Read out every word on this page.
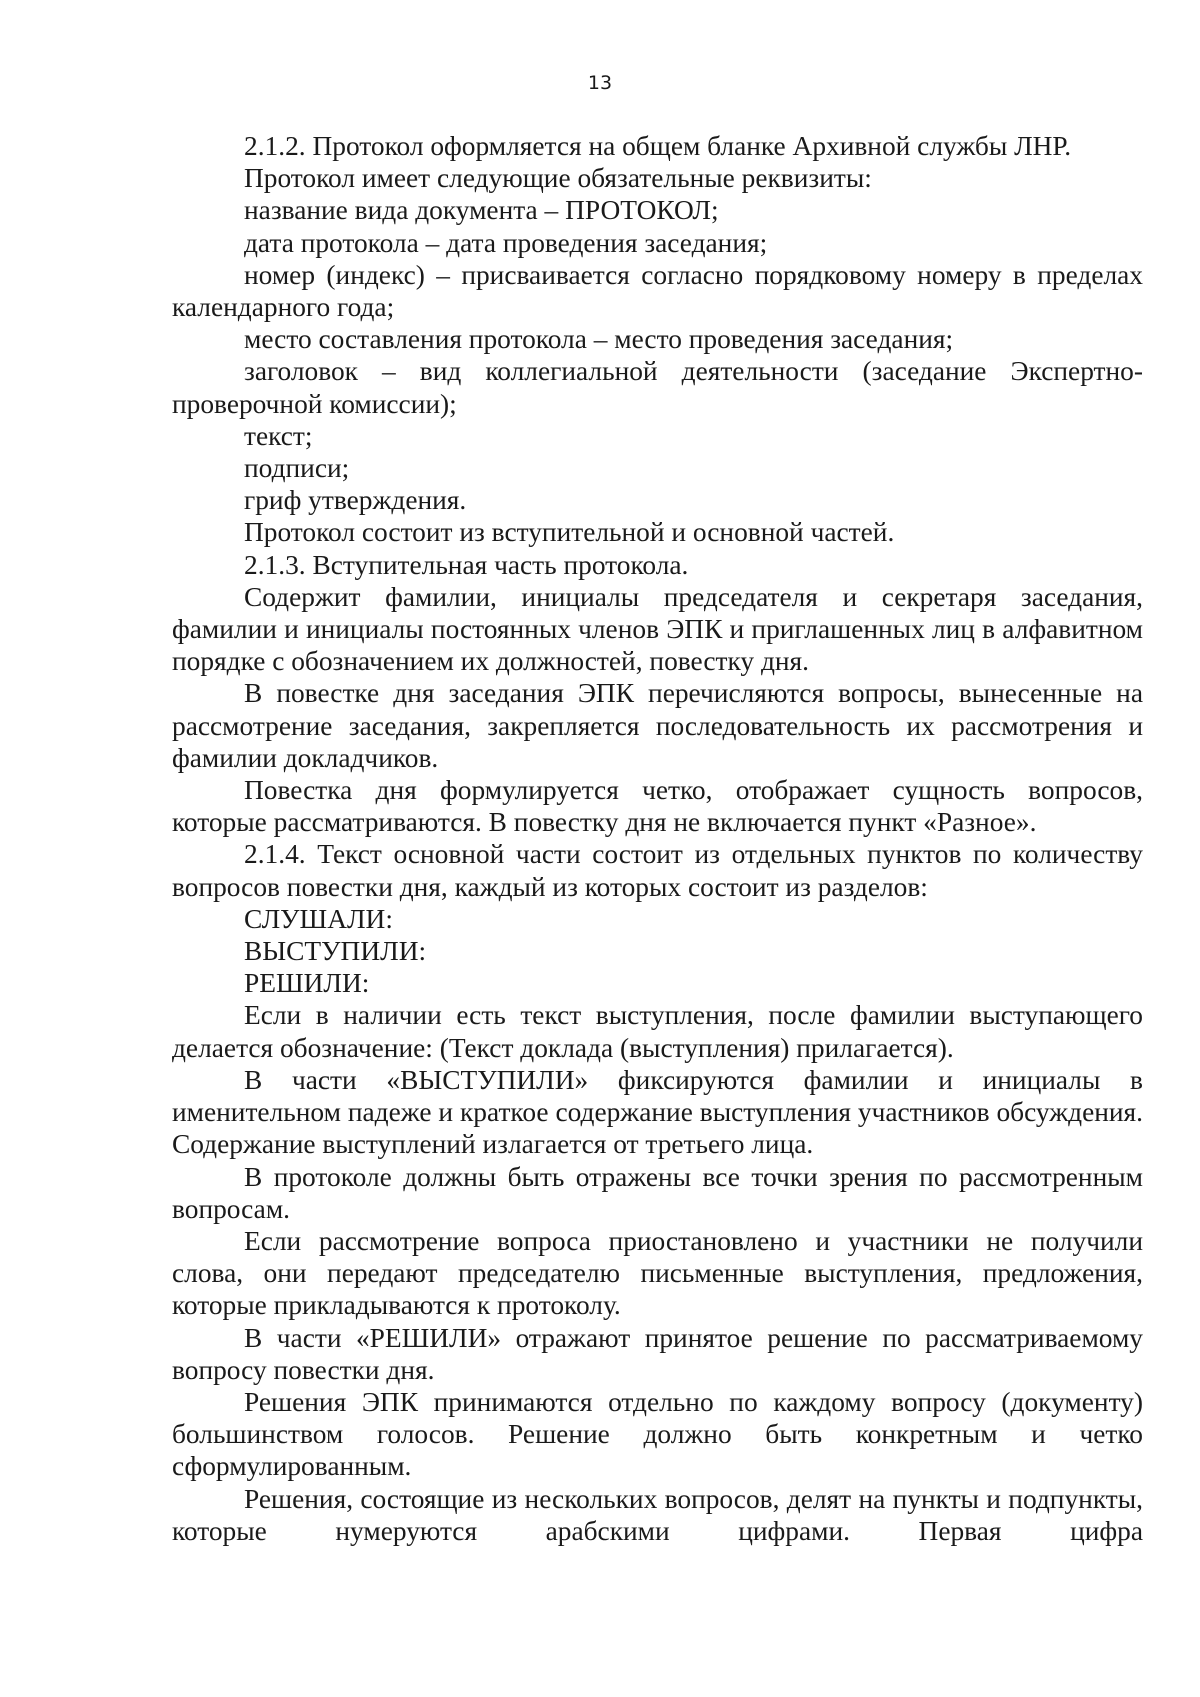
13

2.1.2. Протокол оформляется на общем бланке Архивной службы ЛНР.

Протокол имеет следующие обязательные реквизиты:

название вида документа – ПРОТОКОЛ;

дата протокола – дата проведения заседания;

номер (индекс) – присваивается согласно порядковому номеру в пределах календарного года;

место составления протокола – место проведения заседания;

заголовок – вид коллегиальной деятельности (заседание Экспертно-проверочной комиссии);

текст;

подписи;

гриф утверждения.

Протокол состоит из вступительной и основной частей.

2.1.3. Вступительная часть протокола.

Содержит фамилии, инициалы председателя и секретаря заседания, фамилии и инициалы постоянных членов ЭПК и приглашенных лиц в алфавитном порядке с обозначением их должностей, повестку дня.

В повестке дня заседания ЭПК перечисляются вопросы, вынесенные на рассмотрение заседания, закрепляется последовательность их рассмотрения и фамилии докладчиков.

Повестка дня формулируется четко, отображает сущность вопросов, которые рассматриваются. В повестку дня не включается пункт «Разное».

2.1.4. Текст основной части состоит из отдельных пунктов по количеству вопросов повестки дня, каждый из которых состоит из разделов:

СЛУШАЛИ:

ВЫСТУПИЛИ:

РЕШИЛИ:

Если в наличии есть текст выступления, после фамилии выступающего делается обозначение: (Текст доклада (выступления) прилагается).

В части «ВЫСТУПИЛИ» фиксируются фамилии и инициалы в именительном падеже и краткое содержание выступления участников обсуждения. Содержание выступлений излагается от третьего лица.

В протоколе должны быть отражены все точки зрения по рассмотренным вопросам.

Если рассмотрение вопроса приостановлено и участники не получили слова, они передают председателю письменные выступления, предложения, которые прикладываются к протоколу.

В части «РЕШИЛИ» отражают принятое решение по рассматриваемому вопросу повестки дня.

Решения ЭПК принимаются отдельно по каждому вопросу (документу) большинством голосов. Решение должно быть конкретным и четко сформулированным.

Решения, состоящие из нескольких вопросов, делят на пункты и подпункты, которые нумеруются арабскими цифрами. Первая цифра
